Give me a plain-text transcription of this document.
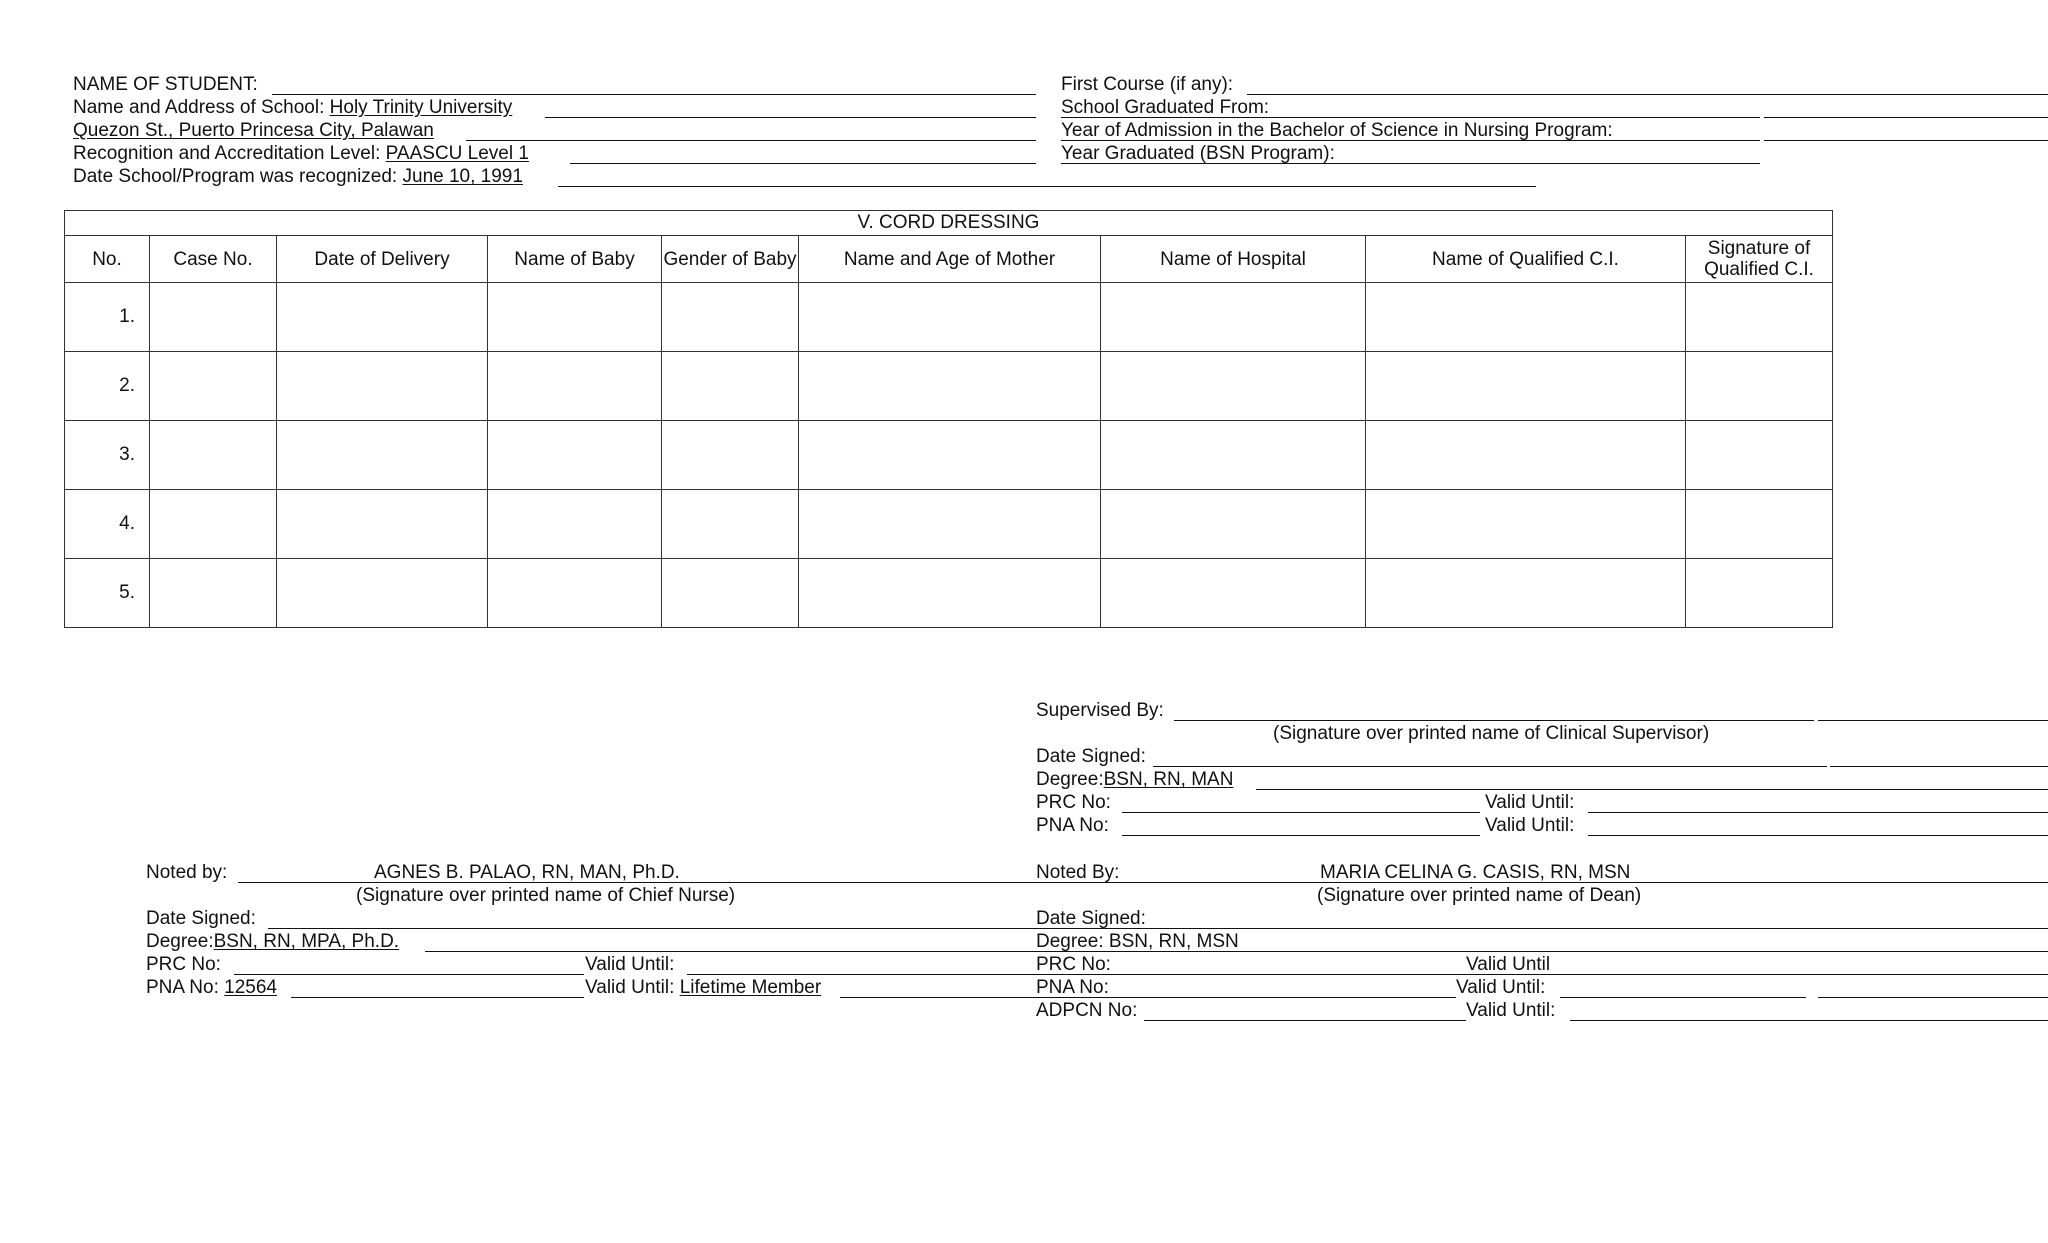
NAME OF STUDENT:
Name and Address of School: Holy Trinity University
Quezon St., Puerto Princesa City, Palawan
Recognition and Accreditation Level: PAASCU Level 1
Date School/Program was recognized: June 10, 1991
First Course (if any):
School Graduated From:
Year of Admission in the Bachelor of Science in Nursing Program:
Year Graduated (BSN Program):
V. CORD DRESSING								
No.	Case No.	Date of Delivery	Name of Baby	Gender of Baby	Name and Age of Mother	Name of Hospital	Name of Qualified C.I.	Signature of Qualified C.I.
1.								
2.								
3.								
4.								
5.								
Supervised By:
(Signature over printed name of Clinical Supervisor)
Date Signed:
Degree:BSN, RN, MAN
PRC No:	Valid Until:
PNA No:	Valid Until:
Noted by:	AGNES B. PALAO, RN, MAN, Ph.D.
(Signature over printed name of Chief Nurse)
Date Signed:
Degree:BSN, RN, MPA, Ph.D.
PRC No:	Valid Until:
PNA No: 12564	Valid Until: Lifetime Member
Noted By:	MARIA CELINA G. CASIS, RN, MSN
(Signature over printed name of Dean)
Date Signed:
Degree: BSN, RN, MSN
PRC No:	Valid Until
PNA No:	Valid Until:
ADPCN No:	Valid Until:
